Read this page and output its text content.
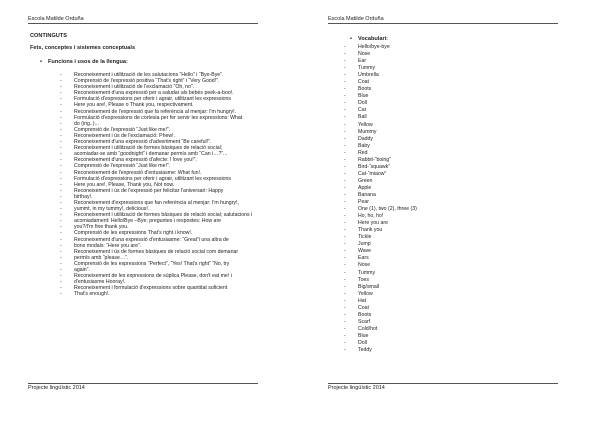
Escola Matilde Orduña
CONTINGUTS
Fets, conceptes i sistemes conceptuals
• Funcions i usos de la llengua:
- Reconeixement i utilització de les salutacions “Hello” i “Bye-Bye”.
- Comprensió de l'expressió positiva “That's right” i “Very Good!”.
- Reconeixement i utilització de l'exclamació “Oh, no”.
- Reconeixement d'una expressió per a saludar als bebès peek-a-boo!.
- Formulació d'expressions per oferir i agrair, utilitzant les expressions
- Here you are!, Please o Thank you, respectivament.
- Reconeixement de l'expressió que fa referència al menjar: I'm hungry!.
- Formulació d'expressions de cortesia per fer servir les expressions: What
- do (ing..)...
- Comprensió de l'expressió “Just like me!”.
- Reconeixement i ús de l'exclamació: Phew!.
- Reconeixement d'una expressió d'advertiment “Be careful!”.
- Reconeixement i utilització de formes bàsiques de relació social;
- acomiadar-se amb “goodnight” i demanar permís amb “Can i…?”...
- Reconeixement d'una expressió d'afecte: I love you!”.
- Comprensió de l'expressió “Just like me!”.
- Reconeixement de l'expressió d'entusiasme: What fun!.
- Formulació d'expressions per oferir i agrair, utilitzant les expressions
- Here you are!, Please, Thank you, Not now.
- Reconeixement i ús de l'expressió per felicitar l'aniversari: Happy
- birthay!.
- Reconeixement d'expressions que fan referència al menjar: I'm hungry!,
- yummt, in my tummy!, delicious!.
- Reconeixement i utilització de formes bàsiques de relació social; salutacions i
- acomiadament: Hello/Bye –Bye; preguntes i respostes: How are
- you?/I'm fine thank you.
- Comprensió de les expressions That's right i know!.
- Reconeixement d'una expressió d'entusiasme: “Great”i una altra de
- bons modals: “Here you are”.
- Reconeixement i ús de formes bàsiques de relació social com demanar
- permís amb “please…”.
- Comprensió de les expressions “Perfect”, “Yes! That's right” “No, try
- again”.
- Reconeixement de les expressions de súplica Please, don't eat me! i
- d'entusiasme Hooray!.
- Reconeixement i formulació d'expressions sobre quantitat suficient
- That's enough!.
Projecte lingüístic 2014
Escola Matilde Orduña
• Vocabulari:
- Hello/bye-bye
- Nose
- Ear
- Tummy
- Umbrella
- Coat
- Boots
- Blue
- Doll
- Car
- Ball
- Yellow
- Mummy
- Daddy
- Baby
- Red
- Rabbit-“boing”
- Bird-“squawk”
- Cat-“miaow”
- Green
- Apple
- Banana
- Pear
- One (1), two (2), three (3)
- Ho, ho, ho!
- Here you are
- Thank you
- Tickle
- Jump
- Wave
- Ears
- Nose
- Tummy
- Toes
- Big/small
- Yellow
- Hat
- Coat
- Boots
- Scarf
- Cold/hot
- Blue
- Doll
- Teddy
Projecte lingüístic 2014
